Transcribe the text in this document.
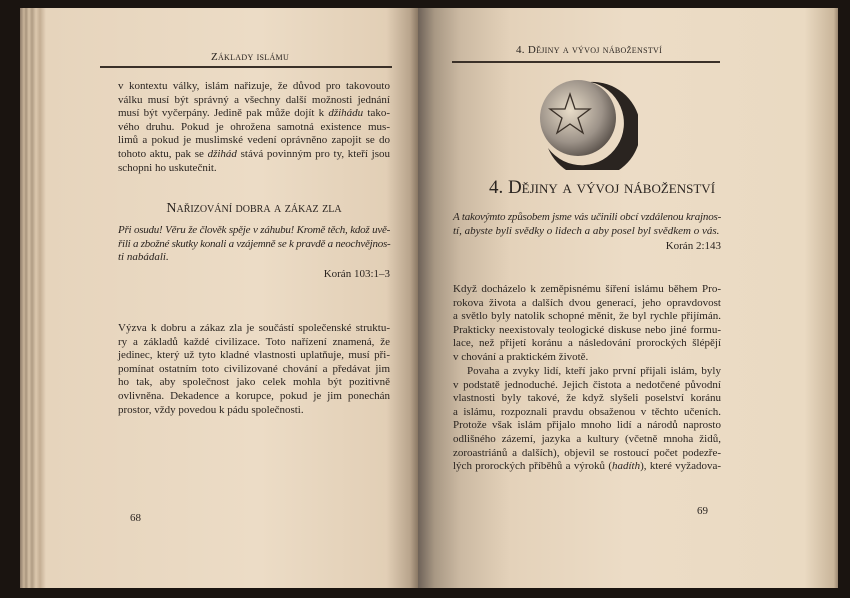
Základy islámu
v kontextu války, islám nařizuje, že důvod pro takovouto
válku musí být správný a všechny další možnosti jednání
musí být vyčerpány. Jedině pak může dojít k džihádu tako-
vého druhu. Pokud je ohrožena samotná existence mus-
limů a pokud je muslimské vedení oprávněno zapojit se do
tohoto aktu, pak se džihád stává povinným pro ty, kteří jsou
schopni ho uskutečnit.
Nařizování dobra a zákaz zla
Při osudu! Věru že člověk spěje v záhubu! Kromě těch, kdož uvě-
řili a zbožné skutky konali a vzájemně se k pravdě a neochvějnos-
ti nabádali.
Korán 103:1–3
Výzva k dobru a zákaz zla je součástí společenské struktu-
ry a základů každé civilizace. Toto nařízení znamená, že
jedinec, který už tyto kladné vlastnosti uplatňuje, musí při-
pomínat ostatním toto civilizované chování a předávat jim
ho tak, aby společnost jako celek mohla být pozitivně
ovlivněna. Dekadence a korupce, pokud je jim ponechán
prostor, vždy povedou k pádu společnosti.
68
4. Dějiny a vývoj náboženství
4. Dějiny a vývoj náboženství
A takovýmto způsobem jsme vás učinili obcí vzdálenou krajnos-
tí, abyste byli svědky o lidech a aby posel byl svědkem o vás.
Korán 2:143
Když docházelo k zeměpisnému šíření islámu během Pro-
rokova života a dalších dvou generací, jeho opravdovost
a světlo byly natolik schopné měnit, že byl rychle přijímán.
Prakticky neexistovaly teologické diskuse nebo jiné formu-
lace, než přijetí koránu a následování prorockých šlépějí
v chování a praktickém životě.
Povaha a zvyky lidí, kteří jako první přijali islám, byly
v podstatě jednoduché. Jejich čistota a nedotčené původní
vlastnosti byly takové, že když slyšeli poselství koránu
a islámu, rozpoznali pravdu obsaženou v těchto učeních.
Protože však islám přijalo mnoho lidí a národů naprosto
odlišného zázemí, jazyka a kultury (včetně mnoha židů,
zoroastriánů a dalších), objevil se rostoucí počet podezře-
lých prorockých příběhů a výroků (hadíth), které vyžadova-
69
